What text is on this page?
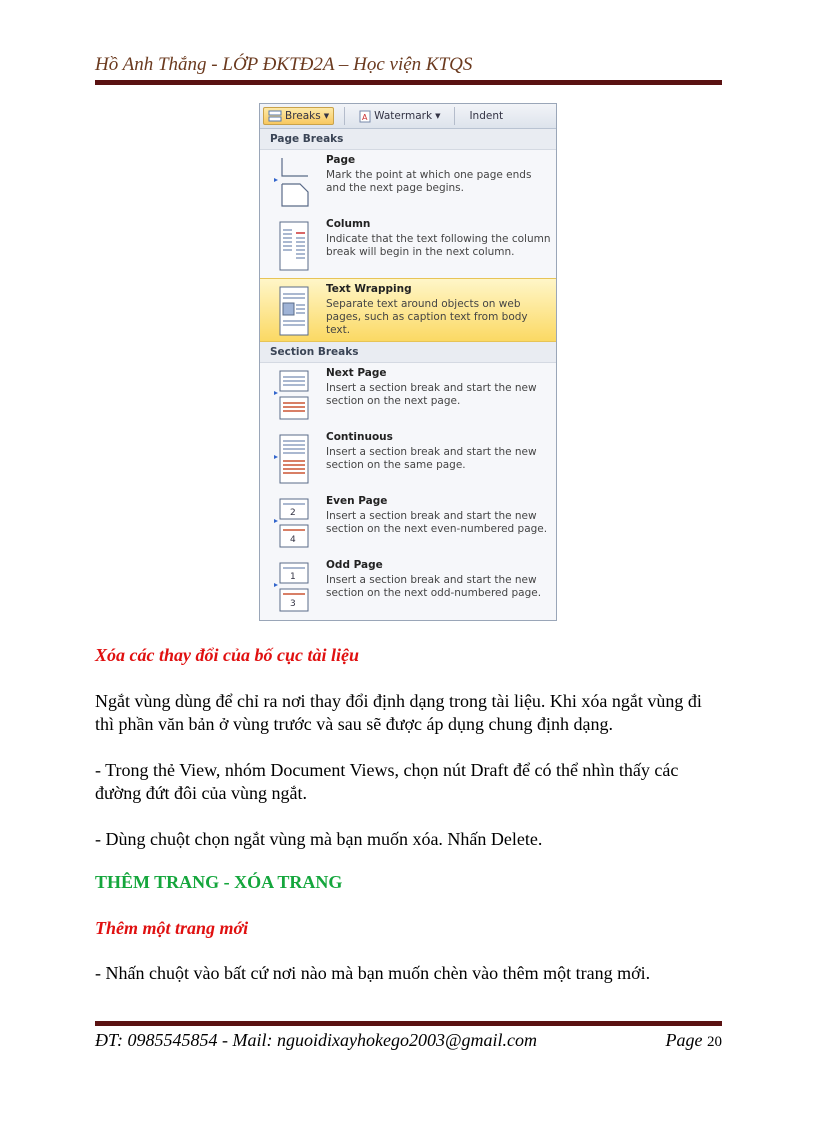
Hồ Anh Thắng - LỚP ĐKTĐ2A – Học viện KTQS
Breaks ▼	A Watermark ▼	Indent
Page Breaks
Page
Mark the point at which one page ends and the next page begins.
Column
Indicate that the text following the column break will begin in the next column.
Text Wrapping
Separate text around objects on web pages, such as caption text from body text.
Section Breaks
Next Page
Insert a section break and start the new section on the next page.
Continuous
Insert a section break and start the new section on the same page.
2
4
Even Page
Insert a section break and start the new section on the next even-numbered page.
1
3
Odd Page
Insert a section break and start the new section on the next odd-numbered page.
Xóa các thay đổi của bố cục tài liệu
Ngắt vùng dùng để chỉ ra nơi thay đổi định dạng trong tài liệu. Khi xóa ngắt vùng đi thì phần văn bản ở vùng trước và sau sẽ được áp dụng chung định dạng.
- Trong thẻ View, nhóm Document Views, chọn nút Draft để có thể nhìn thấy các đường đứt đôi của vùng ngắt.
- Dùng chuột chọn ngắt vùng mà bạn muốn xóa. Nhấn Delete.
THÊM TRANG - XÓA TRANG
Thêm một trang mới
- Nhấn chuột vào bất cứ nơi nào mà bạn muốn chèn vào thêm một trang mới.
ĐT: 0985545854 - Mail: nguoidixayhokego2003@gmail.com	Page 20
